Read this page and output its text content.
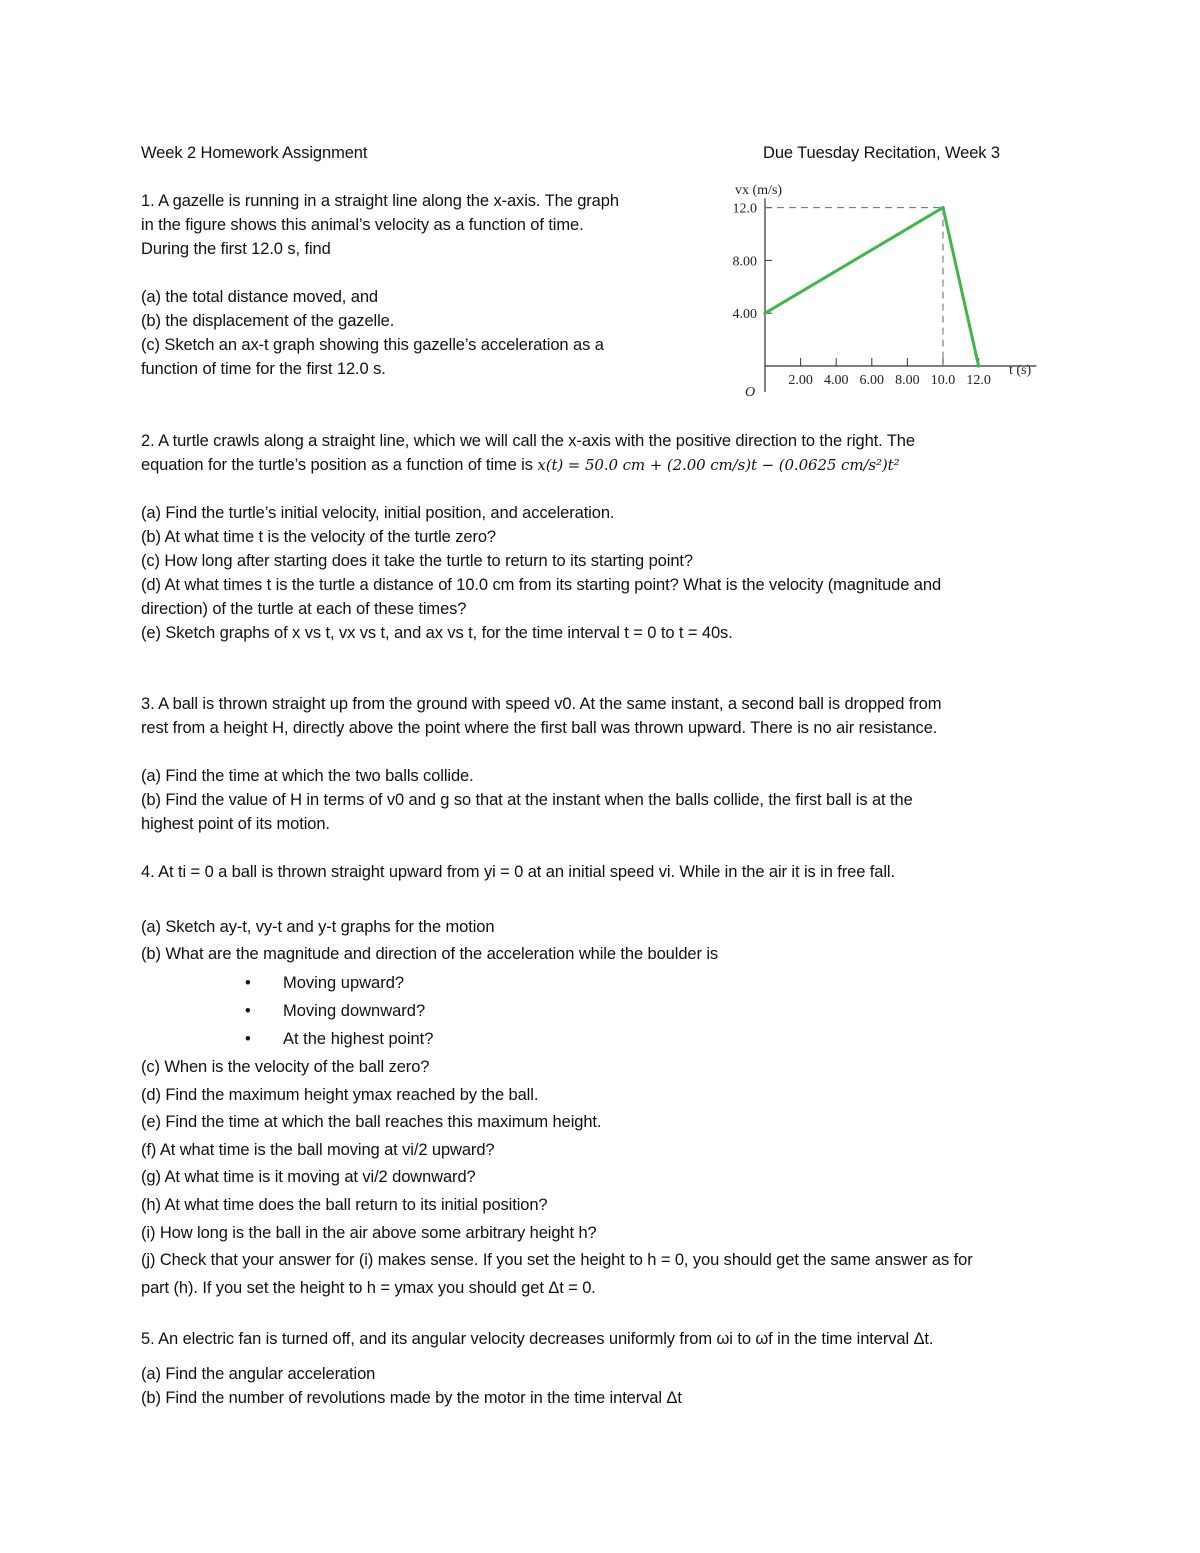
Week 2 Homework Assignment	Due Tuesday Recitation, Week 3
1. A gazelle is running in a straight line along the x-axis. The graph
in the figure shows this animal’s velocity as a function of time.
During the first 12.0 s, find
(a) the total distance moved, and
(b) the displacement of the gazelle.
(c) Sketch an ax-t graph showing this gazelle’s acceleration as a
function of time for the first 12.0 s.
vx (m/s)
t (s)
O
4.00
8.00
12.0
2.00 4.00 6.00 8.00 10.0 12.0
2. A turtle crawls along a straight line, which we will call the x-axis with the positive direction to the right. The
equation for the turtle’s position as a function of time is x(t) = 50.0 cm + (2.00 cm/s)t − (0.0625 cm/s²)t²
(a) Find the turtle’s initial velocity, initial position, and acceleration.
(b) At what time t is the velocity of the turtle zero?
(c) How long after starting does it take the turtle to return to its starting point?
(d) At what times t is the turtle a distance of 10.0 cm from its starting point? What is the velocity (magnitude and
direction) of the turtle at each of these times?
(e) Sketch graphs of x vs t, vx vs t, and ax vs t, for the time interval t = 0 to t = 40s.
3. A ball is thrown straight up from the ground with speed v0. At the same instant, a second ball is dropped from
rest from a height H, directly above the point where the first ball was thrown upward. There is no air resistance.
(a) Find the time at which the two balls collide.
(b) Find the value of H in terms of v0 and g so that at the instant when the balls collide, the first ball is at the
highest point of its motion.
4. At ti = 0 a ball is thrown straight upward from yi = 0 at an initial speed vi. While in the air it is in free fall.
(a) Sketch ay-t, vy-t and y-t graphs for the motion
(b) What are the magnitude and direction of the acceleration while the boulder is
• Moving upward?
• Moving downward?
• At the highest point?
(c) When is the velocity of the ball zero?
(d) Find the maximum height ymax reached by the ball.
(e) Find the time at which the ball reaches this maximum height.
(f) At what time is the ball moving at vi/2 upward?
(g) At what time is it moving at vi/2 downward?
(h) At what time does the ball return to its initial position?
(i) How long is the ball in the air above some arbitrary height h?
(j) Check that your answer for (i) makes sense. If you set the height to h = 0, you should get the same answer as for
part (h). If you set the height to h = ymax you should get Δt = 0.
5. An electric fan is turned off, and its angular velocity decreases uniformly from ωi to ωf in the time interval Δt.
(a) Find the angular acceleration
(b) Find the number of revolutions made by the motor in the time interval Δt
